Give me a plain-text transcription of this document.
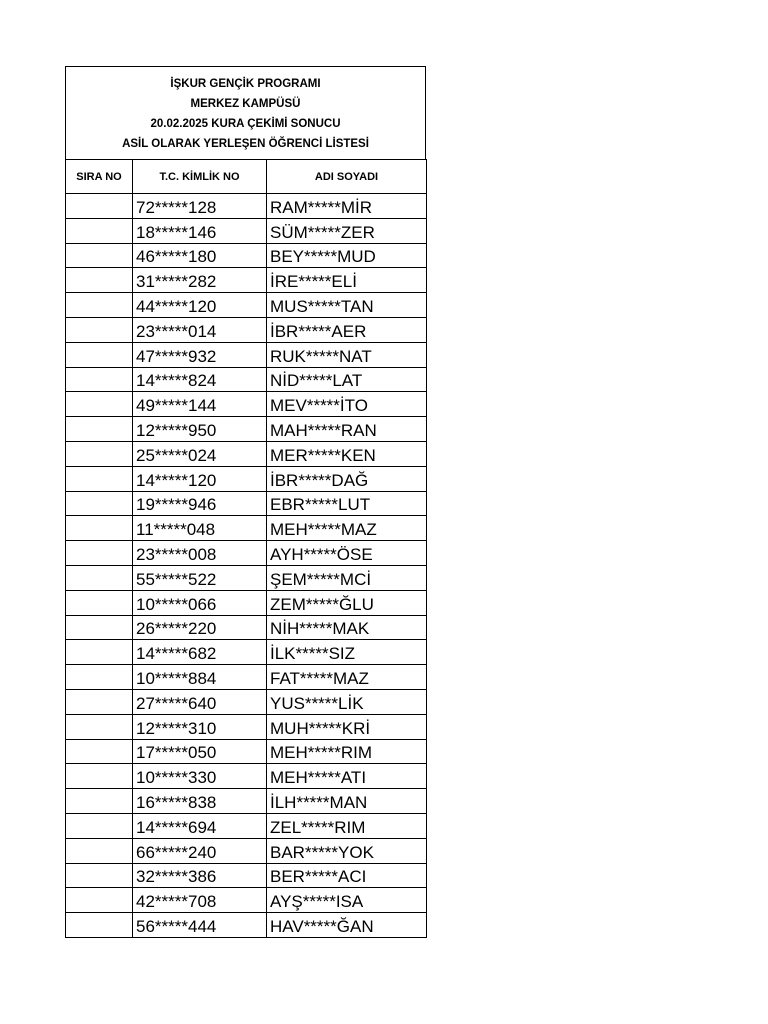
İŞKUR GENÇİK PROGRAMI
MERKEZ KAMPÜSÜ
20.02.2025 KURA ÇEKİMİ SONUCU
ASİL OLARAK YERLEŞEN ÖĞRENCİ LİSTESİ
SIRA NO	T.C. KİMLİK NO	ADI SOYADI
	72*****128	RAM*****MİR
	18*****146	SÜM*****ZER
	46*****180	BEY*****MUD
	31*****282	İRE*****ELİ
	44*****120	MUS*****TAN
	23*****014	İBR*****AER
	47*****932	RUK*****NAT
	14*****824	NİD*****LAT
	49*****144	MEV*****İTO
	12*****950	MAH*****RAN
	25*****024	MER*****KEN
	14*****120	İBR*****DAĞ
	19*****946	EBR*****LUT
	11*****048	MEH*****MAZ
	23*****008	AYH*****ÖSE
	55*****522	ŞEM*****MCİ
	10*****066	ZEM*****ĞLU
	26*****220	NİH*****MAK
	14*****682	İLK*****SIZ
	10*****884	FAT*****MAZ
	27*****640	YUS*****LİK
	12*****310	MUH*****KRİ
	17*****050	MEH*****RIM
	10*****330	MEH*****ATI
	16*****838	İLH*****MAN
	14*****694	ZEL*****RIM
	66*****240	BAR*****YOK
	32*****386	BER*****ACI
	42*****708	AYŞ*****ISA
	56*****444	HAV*****ĞAN
